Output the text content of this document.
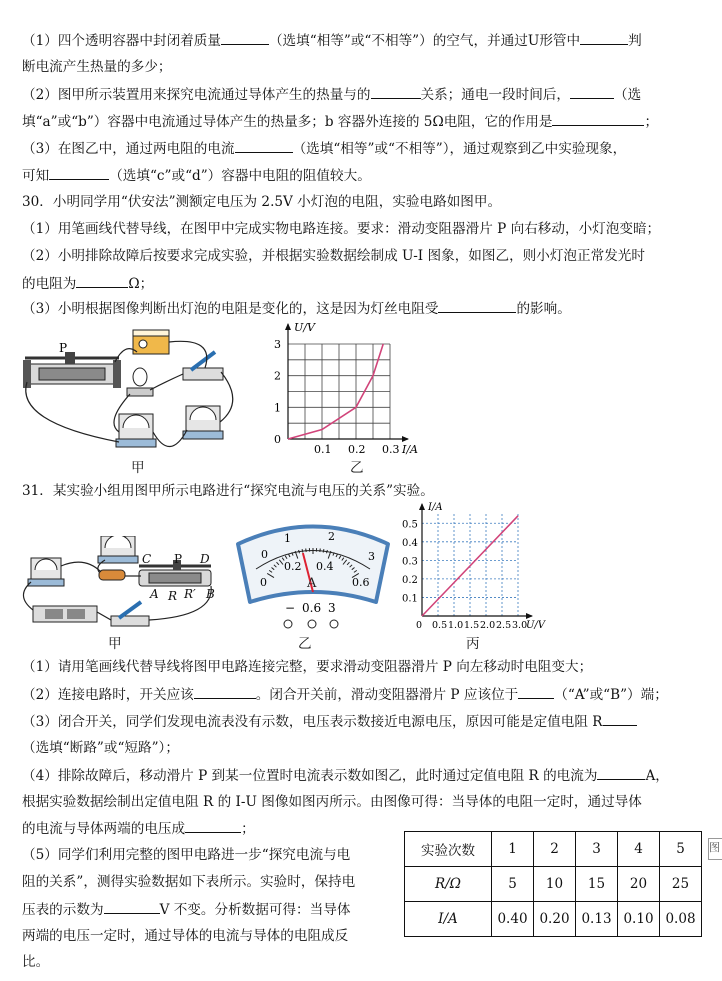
（1）四个透明容器中封闭着质量	（选填“相等”或“不相等”）的空气，并通过U形管中	判
断电流产生热量的多少；
（2）图甲所示装置用来探究电流通过导体产生的热量与的	关系；通电一段时间后，	（选
填“a”或“b”）容器中电流通过导体产生的热量多；b 容器外连接的 5Ω电阻，它的作用是	；
（3）在图乙中，通过两电阻的电流	（选填“相等”或“不相等”），通过观察到乙中实验现象，
可知	（选填“c”或“d”）容器中电阻的阻值较大。
30．小明同学用“伏安法”测额定电压为 2.5V 小灯泡的电阻，实验电路如图甲。
（1）用笔画线代替导线，在图甲中完成实物电路连接。要求：滑动变阻器滑片 P 向右移动，小灯泡变暗；
（2）小明排除故障后按要求完成实验，并根据实验数据绘制成 U-I 图象，如图乙，则小灯泡正常发光时
的电阻为	Ω；
（3）小明根据图像判断出灯泡的电阻是变化的，这是因为灯丝电阻受	的影响。
P
甲
0.1 0.2 0.3
0
1
2
3
I/A
U/V
乙
31．某实验小组用图甲所示电路进行“探究电流与电压的关系”实验。
C P D
A R R′ B
甲
0
1	2
3
0
0.2 0.4
0.6
A
− 0.6 3
乙
0 0.5 1.0 1.5 2.0 2.5 3.0
0.1
0.2
0.3
0.4
0.5
U/V
I/A
丙
（1）请用笔画线代替导线将图甲电路连接完整，要求滑动变阻器滑片 P 向左移动时电阻变大；
（2）连接电路时，开关应该	。闭合开关前，滑动变阻器滑片 P 应该位于	（“A”或“B”）端；
（3）闭合开关，同学们发现电流表没有示数，电压表示数接近电源电压，原因可能是定值电阻 R
（选填“断路”或“短路”）；
（4）排除故障后，移动滑片 P 到某一位置时电流表示数如图乙，此时通过定值电阻 R 的电流为	A，
根据实验数据绘制出定值电阻 R 的 I-U 图像如图丙所示。由图像可得：当导体的电阻一定时，通过导体
的电流与导体两端的电压成	；
（5）同学们利用完整的图甲电路进一步“探究电流与电
阻的关系”，测得实验数据如下表所示。实验时，保持电
压表的示数为	V 不变。分析数据可得：当导体
两端的电压一定时，通过导体的电流与导体的电阻成反
比。
实验次数	1	2	3	4	5
R/Ω	5	10	15	20	25
I/A	0.40	0.20	0.13	0.10	0.08
图
